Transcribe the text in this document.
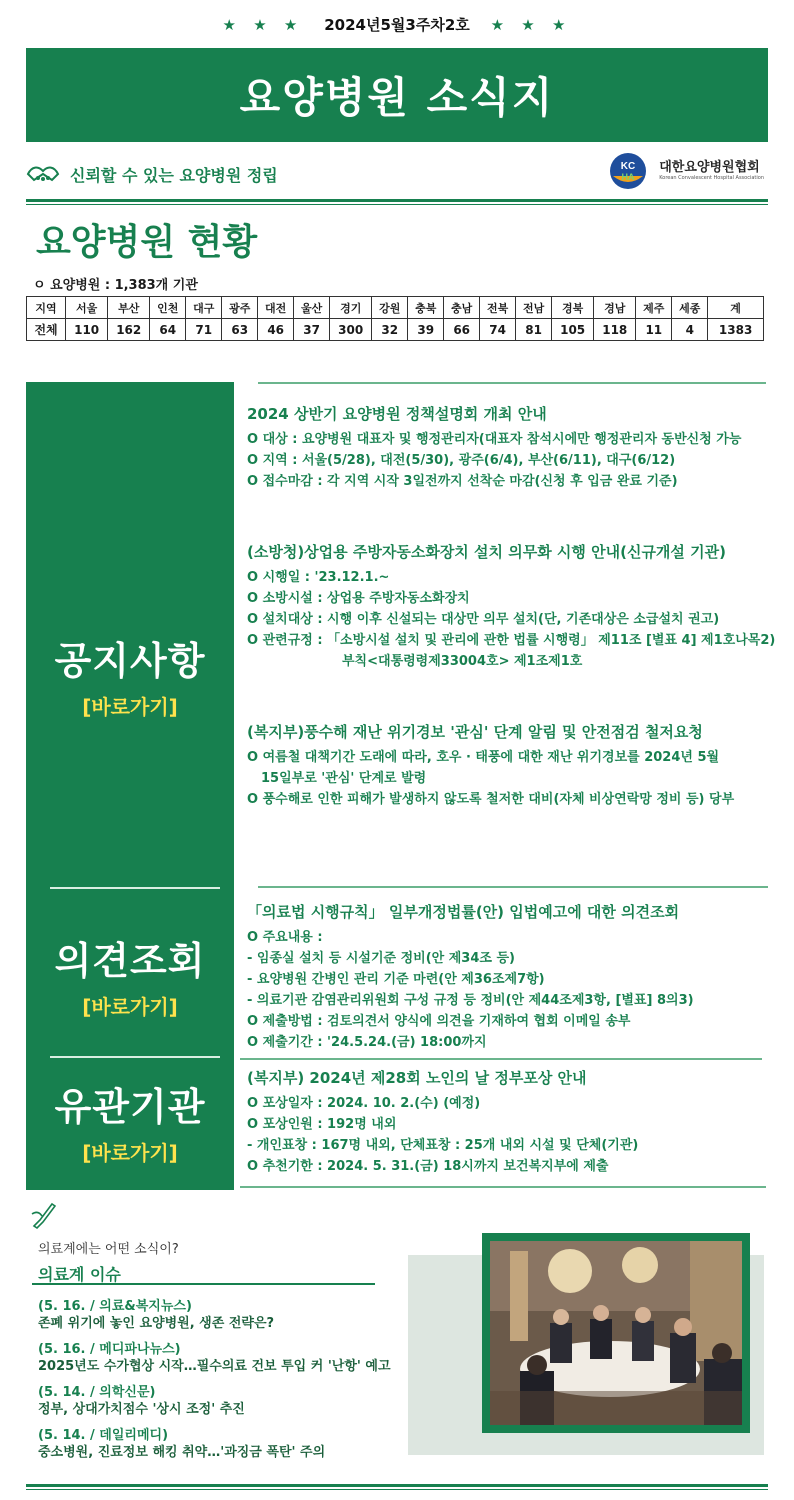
★ ★ ★ 2024년5월3주차2호 ★ ★ ★
요양병원 소식지
신뢰할 수 있는 요양병원 정립	KC
HA
대한요양병원협회
Korean Convalescent Hospital Association
요양병원 현황
ㅇ 요양병원 : 1,383개 기관
지역	서울	부산	인천	대구	광주	대전	울산	경기	강원	충북	충남	전북	전남	경북	경남	제주	세종	계
전체	110	162	64	71	63	46	37	300	32	39	66	74	81	105	118	11	4	1383
공지사항
[바로가기]
의견조회
[바로가기]
유관기관
[바로가기]
2024 상반기 요양병원 정책설명회 개최 안내
O 대상 : 요양병원 대표자 및 행정관리자(대표자 참석시에만 행정관리자 동반신청 가능
O 지역 : 서울(5/28), 대전(5/30), 광주(6/4), 부산(6/11), 대구(6/12)
O 접수마감 : 각 지역 시작 3일전까지 선착순 마감(신청 후 입금 완료 기준)
(소방청)상업용 주방자동소화장치 설치 의무화 시행 안내(신규개설 기관)
O 시행일 : '23.12.1.~
O 소방시설 : 상업용 주방자동소화장치
O 설치대상 : 시행 이후 신설되는 대상만 의무 설치(단, 기존대상은 소급설치 권고)
O 관련규정 : 「소방시설 설치 및 관리에 관한 법률 시행령」 제11조 [별표 4] 제1호나목2)
부칙<대통령령제33004호> 제1조제1호
(복지부)풍수해 재난 위기경보 '관심' 단계 알림 및 안전점검 철저요청
O 여름철 대책기간 도래에 따라, 호우 · 태풍에 대한 재난 위기경보를 2024년 5월
15일부로 '관심' 단계로 발령
O 풍수해로 인한 피해가 발생하지 않도록 철저한 대비(자체 비상연락망 정비 등) 당부
「의료법 시행규칙」 일부개정법률(안) 입법예고에 대한 의견조회
O 주요내용 :
- 임종실 설치 등 시설기준 정비(안 제34조 등)
- 요양병원 간병인 관리 기준 마련(안 제36조제7항)
- 의료기관 감염관리위원회 구성 규정 등 정비(안 제44조제3항, [별표] 8의3)
O 제출방법 : 검토의견서 양식에 의견을 기재하여 협회 이메일 송부
O 제출기간 : '24.5.24.(금) 18:00까지
(복지부) 2024년 제28회 노인의 날 정부포상 안내
O 포상일자 : 2024. 10. 2.(수) (예정)
O 포상인원 : 192명 내외
- 개인표창 : 167명 내외, 단체표창 : 25개 내외 시설 및 단체(기관)
O 추천기한 : 2024. 5. 31.(금) 18시까지 보건복지부에 제출
의료계에는 어떤 소식이?
의료계 이슈
(5. 16. / 의료&복지뉴스)
존폐 위기에 놓인 요양병원, 생존 전략은?
(5. 16. / 메디파나뉴스)
2025년도 수가협상 시작…필수의료 건보 투입 커 '난항' 예고
(5. 14. / 의학신문)
정부, 상대가치점수 '상시 조정' 추진
(5. 14. / 데일리메디)
중소병원, 진료정보 해킹 취약…'과징금 폭탄' 주의
